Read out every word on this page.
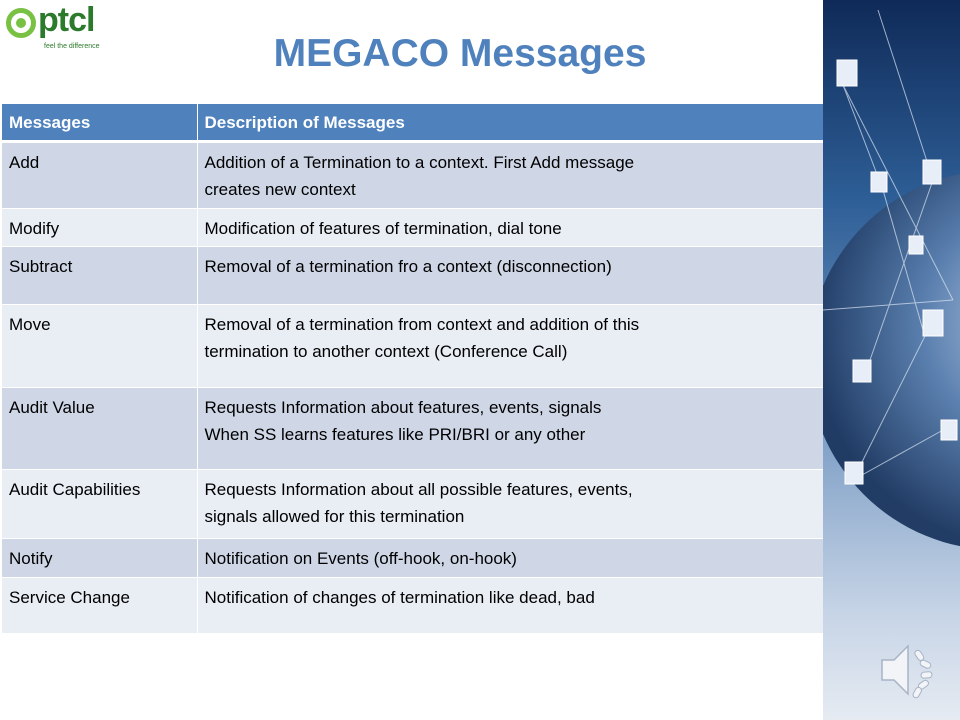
ptcl
feel the difference	MEGACO Messages
Messages	Description of Messages
Add	Addition of a Termination to a context. First Add message
creates new context

Modify	Modification of features of termination, dial tone

Subtract	Removal of a termination fro a context (disconnection)

Move	Removal of a termination from context and addition of this
termination to another context (Conference Call)

Audit Value	Requests Information about features, events, signals
When SS learns features like PRI/BRI or any other

Audit Capabilities	Requests Information about all possible features, events,
signals allowed for this termination

Notify	Notification on Events (off-hook, on-hook)

Service Change	Notification of changes of termination like dead, bad
